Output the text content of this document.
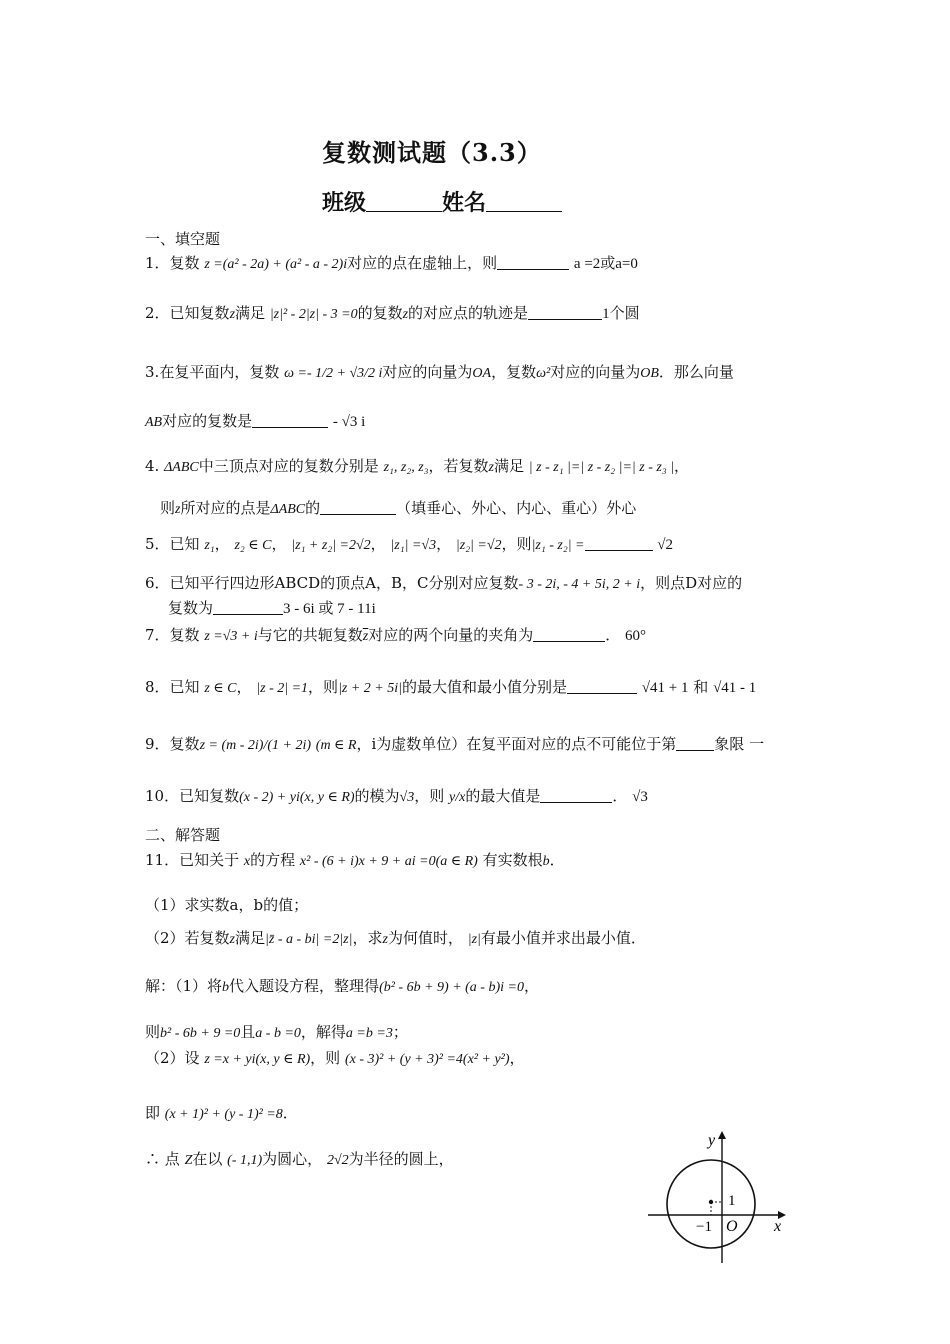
复数测试题（3.3）
班级	姓名
一、填空题
1．复数 z =(a² - 2a) + (a² - a - 2)i对应的点在虚轴上，则	a =2或a=0
2．已知复数z满足 |z|² - 2|z| - 3 =0的复数z的对应点的轨迹是	1个圆
3.在复平面内，复数 ω =- 1/2 + √3/2 i对应的向量为OA，复数ω²对应的向量为OB．那么向量
AB对应的复数是	- √3 i
4. ΔABC中三顶点对应的复数分别是 z₁, z₂, z₃，若复数z满足 | z - z₁ |=| z - z₂ |=| z - z₃ |，
则z所对应的点是ΔABC的	（填垂心、外心、内心、重心）外心
5．已知 z₁， z₂ ∈ C， |z₁ + z₂| =2√2， |z₁| =√3， |z₂| =√2，则|z₁ - z₂| =	√2
6．已知平行四边形ABCD的顶点A，B，C分别对应复数- 3 - 2i, - 4 + 5i, 2 + i，则点D对应的
复数为	3 - 6i 或 7 - 11i
7．复数 z =√3 + i与它的共轭复数$\overline{z}$对应的两个向量的夹角为	． 60°
8．已知 z ∈ C， |z - 2| =1，则|z + 2 + 5i|的最大值和最小值分别是	√41 + 1 和 √41 - 1
9．复数z = (m - 2i)/(1 + 2i) (m ∈ R，i为虚数单位）在复平面对应的点不可能位于第	象限 一
10．已知复数(x - 2) + yi(x, y ∈ R)的模为√3，则 y/x的最大值是	． √3
二、解答题
11．已知关于 x的方程 x² - (6 + i)x + 9 + ai =0(a ∈ R) 有实数根b．
（1）求实数a，b的值；
（2）若复数z满足|z̄ - a - bi| =2|z|，求z为何值时， |z|有最小值并求出最小值．
解：（1）将b代入题设方程，整理得(b² - 6b + 9) + (a - b)i =0，
则b² - 6b + 9 =0且a - b =0，解得a =b =3；
（2）设 z =x + yi(x, y ∈ R)，则 (x - 3)² + (y + 3)² =4(x² + y²)，
即 (x + 1)² + (y - 1)² =8．
∴ 点 Z在以 (- 1,1)为圆心， 2√2为半径的圆上，
y
x
1
−1 O
